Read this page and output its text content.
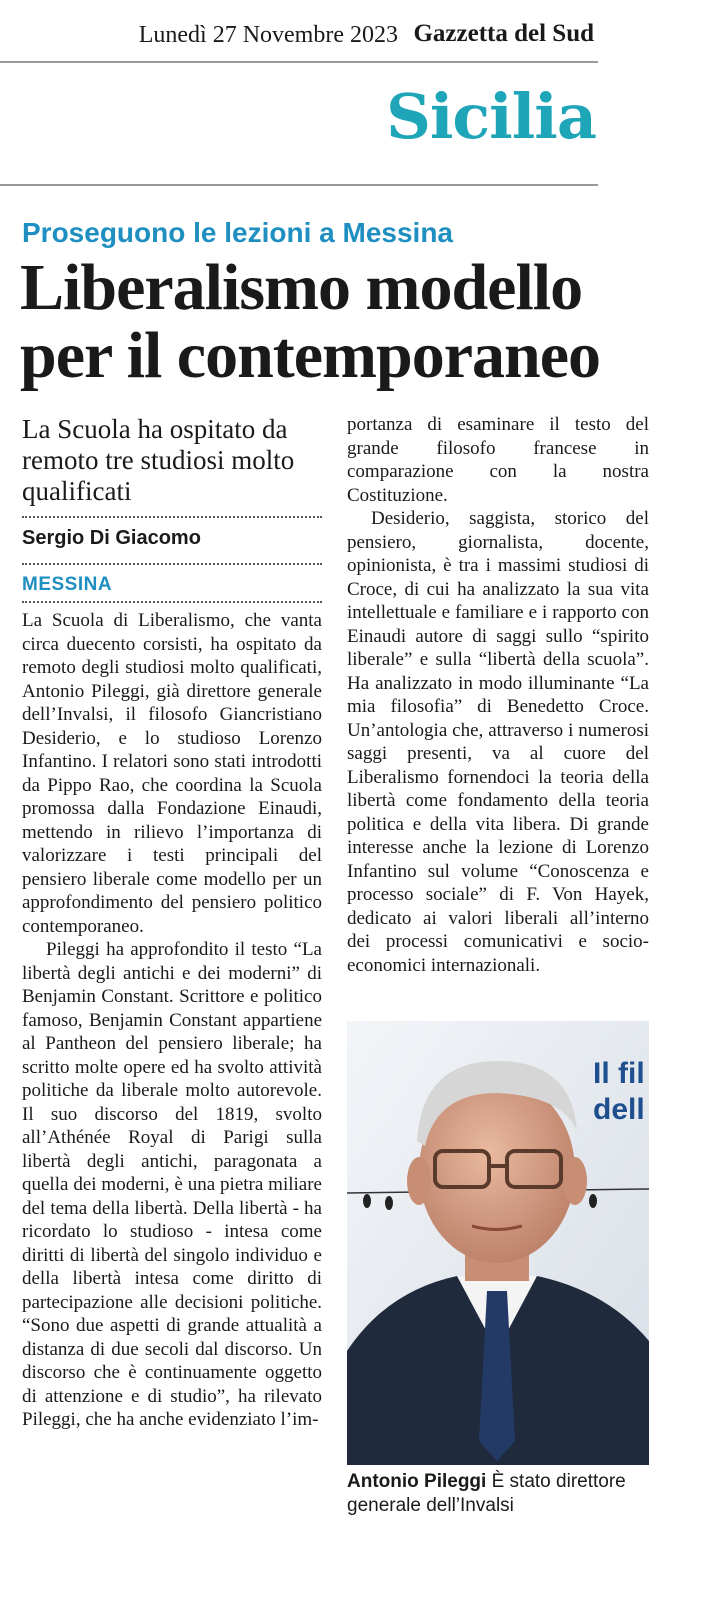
Lunedì 27 Novembre 2023 Gazzetta del Sud
Sicilia
Proseguono le lezioni a Messina
Liberalismo modello
per il contemporaneo
La Scuola ha ospitato da remoto tre studiosi molto qualificati
Sergio Di Giacomo
MESSINA

La Scuola di Liberalismo, che vanta circa duecento corsisti, ha ospitato da remoto degli studiosi molto qualificati, Antonio Pileggi, già direttore generale dell’Invalsi, il filosofo Giancristiano Desiderio, e lo studioso Lorenzo Infantino. I relatori sono stati introdotti da Pippo Rao, che coordina la Scuola promossa dalla Fondazione Einaudi, mettendo in rilievo l’importanza di valorizzare i testi principali del pensiero liberale come modello per un approfondimento del pensiero politico contemporaneo.

Pileggi ha approfondito il testo “La libertà degli antichi e dei moderni” di Benjamin Constant. Scrittore e politico famoso, Benjamin Constant appartiene al Pantheon del pensiero liberale; ha scritto molte opere ed ha svolto attività politiche da liberale molto autorevole. Il suo discorso del 1819, svolto all’Athénée Royal di Parigi sulla libertà degli antichi, paragonata a quella dei moderni, è una pietra miliare del tema della libertà. Della libertà - ha ricordato lo studioso - intesa come diritti di libertà del singolo individuo e della libertà intesa come diritto di partecipazione alle decisioni politiche. “Sono due aspetti di grande attualità a distanza di due secoli dal discorso. Un discorso che è continuamente oggetto di attenzione e di studio”, ha rilevato Pileggi, che ha anche evidenziato l’im-

portanza di esaminare il testo del grande filosofo francese in comparazione con la nostra Costituzione.

Desiderio, saggista, storico del pensiero, giornalista, docente, opinionista, è tra i massimi studiosi di Croce, di cui ha analizzato la sua vita intellettuale e familiare e i rapporto con Einaudi autore di saggi sullo “spirito liberale” e sulla “libertà della scuola”. Ha analizzato in modo illuminante “La mia filosofia” di Benedetto Croce. Un’antologia che, attraverso i numerosi saggi presenti, va al cuore del Liberalismo fornendoci la teoria della libertà come fondamento della teoria politica e della vita libera. Di grande interesse anche la lezione di Lorenzo Infantino sul volume “Conoscenza e processo sociale” di F. Von Hayek, dedicato ai valori liberali all’interno dei processi comunicativi e socio-economici internazionali.

Il fil
dell
Antonio Pileggi È stato direttore generale dell’Invalsi
